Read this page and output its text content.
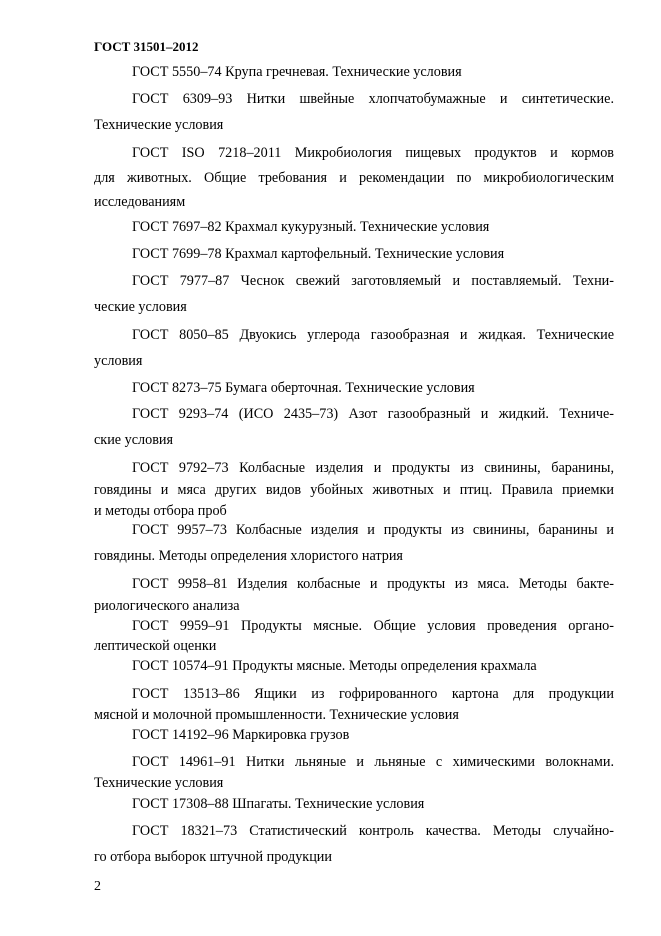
ГОСТ 31501–2012
ГОСТ 5550–74 Крупа гречневая. Технические условия
ГОСТ 6309–93 Нитки швейные хлопчатобумажные и синтетические.
Технические условия
ГОСТ ISO 7218–2011 Микробиология пищевых продуктов и кормов
для животных. Общие требования и рекомендации по микробиологическим
исследованиям
ГОСТ 7697–82 Крахмал кукурузный. Технические условия
ГОСТ 7699–78 Крахмал картофельный. Технические условия
ГОСТ 7977–87 Чеснок свежий заготовляемый и поставляемый. Техни-
ческие условия
ГОСТ 8050–85 Двуокись углерода газообразная и жидкая. Технические
условия
ГОСТ 8273–75 Бумага оберточная. Технические условия
ГОСТ 9293–74 (ИСО 2435–73) Азот газообразный и жидкий. Техниче-
ские условия
ГОСТ 9792–73 Колбасные изделия и продукты из свинины, баранины,
говядины и мяса других видов убойных животных и птиц. Правила приемки
и методы отбора проб
ГОСТ 9957–73 Колбасные изделия и продукты из свинины, баранины и
говядины. Методы определения хлористого натрия
ГОСТ 9958–81 Изделия колбасные и продукты из мяса. Методы бакте-
риологического анализа
ГОСТ 9959–91 Продукты мясные. Общие условия проведения органо-
лептической оценки
ГОСТ 10574–91 Продукты мясные. Методы определения крахмала
ГОСТ 13513–86 Ящики из гофрированного картона для продукции
мясной и молочной промышленности. Технические условия
ГОСТ 14192–96 Маркировка грузов
ГОСТ 14961–91 Нитки льняные и льняные с химическими волокнами.
Технические условия
ГОСТ 17308–88 Шпагаты. Технические условия
ГОСТ 18321–73 Статистический контроль качества. Методы случайно-
го отбора выборок штучной продукции
2
